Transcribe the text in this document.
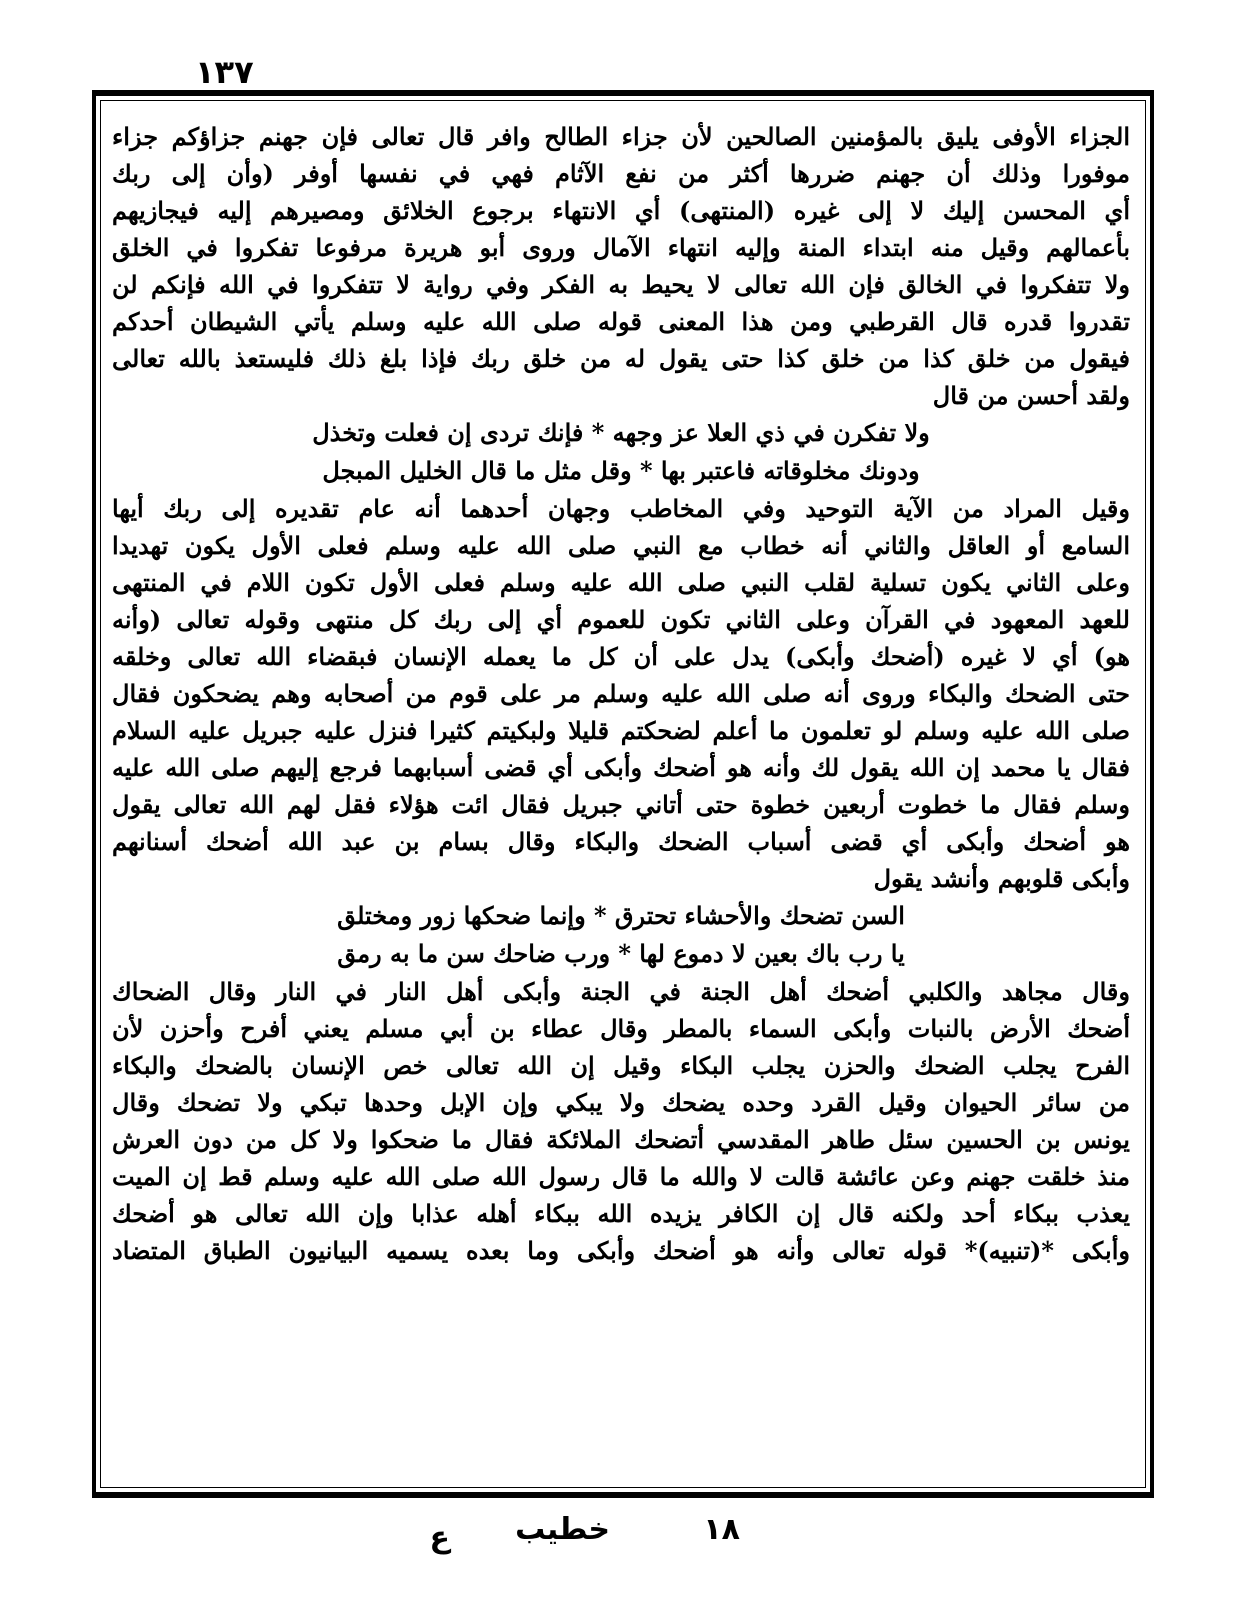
١٣٧
الجزاء الأوفى يليق بالمؤمنين الصالحين لأن جزاء الطالح وافر قال تعالى فإن جهنم جزاؤكم جزاء
موفورا وذلك أن جهنم ضررها أكثر من نفع الآثام فهي في نفسها أوفر (وأن إلى ربك
أي المحسن إليك لا إلى غيره (المنتهى) أي الانتهاء برجوع الخلائق ومصيرهم إليه فيجازيهم
بأعمالهم وقيل منه ابتداء المنة وإليه انتهاء الآمال وروى أبو هريرة مرفوعا تفكروا في الخلق
ولا تتفكروا في الخالق فإن الله تعالى لا يحيط به الفكر وفي رواية لا تتفكروا في الله فإنكم لن
تقدروا قدره قال القرطبي ومن هذا المعنى قوله صلى الله عليه وسلم يأتي الشيطان أحدكم
فيقول من خلق كذا من خلق كذا حتى يقول له من خلق ربك فإذا بلغ ذلك فليستعذ بالله تعالى
ولقد أحسن من قال
ولا تفكرن في ذي العلا عز وجهه * فإنك تردى إن فعلت وتخذل
ودونك مخلوقاته فاعتبر بها * وقل مثل ما قال الخليل المبجل
وقيل المراد من الآية التوحيد وفي المخاطب وجهان أحدهما أنه عام تقديره إلى ربك أيها
السامع أو العاقل والثاني أنه خطاب مع النبي صلى الله عليه وسلم فعلى الأول يكون تهديدا
وعلى الثاني يكون تسلية لقلب النبي صلى الله عليه وسلم فعلى الأول تكون اللام في المنتهى
للعهد المعهود في القرآن وعلى الثاني تكون للعموم أي إلى ربك كل منتهى وقوله تعالى (وأنه
هو) أي لا غيره (أضحك وأبكى) يدل على أن كل ما يعمله الإنسان فبقضاء الله تعالى وخلقه
حتى الضحك والبكاء وروى أنه صلى الله عليه وسلم مر على قوم من أصحابه وهم يضحكون فقال
صلى الله عليه وسلم لو تعلمون ما أعلم لضحكتم قليلا ولبكيتم كثيرا فنزل عليه جبريل عليه السلام
فقال يا محمد إن الله يقول لك وأنه هو أضحك وأبكى أي قضى أسبابهما فرجع إليهم صلى الله عليه
وسلم فقال ما خطوت أربعين خطوة حتى أتاني جبريل فقال ائت هؤلاء فقل لهم الله تعالى يقول
هو أضحك وأبكى أي قضى أسباب الضحك والبكاء وقال بسام بن عبد الله أضحك أسنانهم
وأبكى قلوبهم وأنشد يقول
السن تضحك والأحشاء تحترق * وإنما ضحكها زور ومختلق
يا رب باك بعين لا دموع لها * ورب ضاحك سن ما به رمق
وقال مجاهد والكلبي أضحك أهل الجنة في الجنة وأبكى أهل النار في النار وقال الضحاك
أضحك الأرض بالنبات وأبكى السماء بالمطر وقال عطاء بن أبي مسلم يعني أفرح وأحزن لأن
الفرح يجلب الضحك والحزن يجلب البكاء وقيل إن الله تعالى خص الإنسان بالضحك والبكاء
من سائر الحيوان وقيل القرد وحده يضحك ولا يبكي وإن الإبل وحدها تبكي ولا تضحك وقال
يونس بن الحسين سئل طاهر المقدسي أتضحك الملائكة فقال ما ضحكوا ولا كل من دون العرش
منذ خلقت جهنم وعن عائشة قالت لا والله ما قال رسول الله صلى الله عليه وسلم قط إن الميت
يعذب ببكاء أحد ولكنه قال إن الكافر يزيده الله ببكاء أهله عذابا وإن الله تعالى هو أضحك
وأبكى *(تنبيه)* قوله تعالى وأنه هو أضحك وأبكى وما بعده يسميه البيانيون الطباق المتضاد
١٨
خطيب
ع
